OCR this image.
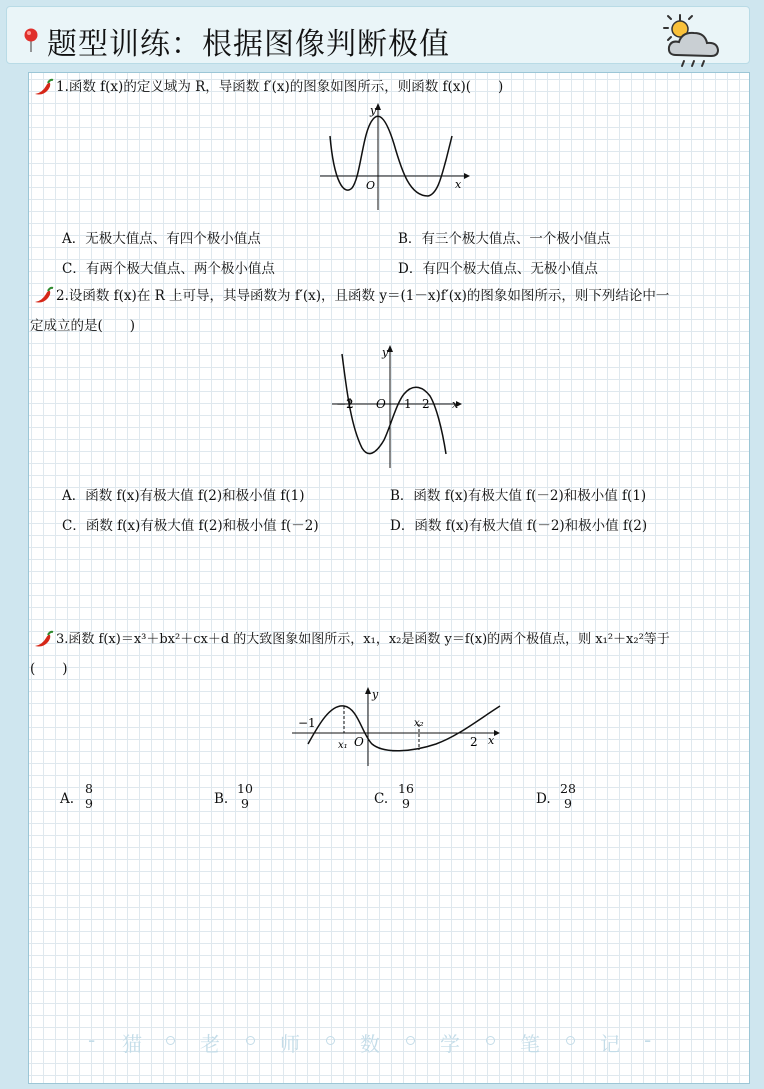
题型训练：根据图像判断极值
1.函数 f(x)的定义域为 R，导函数 f′(x)的图象如图所示，则函数 f(x)(　　)
y
x
O
A．无极大值点、有四个极小值点	B．有三个极大值点、一个极小值点
C．有两个极大值点、两个极小值点	D．有四个极大值点、无极小值点
2.设函数 f(x)在 R 上可导，其导函数为 f′(x)，且函数 y＝(1－x)f′(x)的图象如图所示，则下列结论中一
定成立的是(　　)
y
x
O
−2	1 2
A．函数 f(x)有极大值 f(2)和极小值 f(1)	B．函数 f(x)有极大值 f(－2)和极小值 f(1)
C．函数 f(x)有极大值 f(2)和极小值 f(－2)	D．函数 f(x)有极大值 f(－2)和极小值 f(2)
3.函数 f(x)＝x³＋bx²＋cx＋d 的大致图象如图所示，x₁，x₂是函数 y＝f(x)的两个极值点，则 x₁²＋x₂²等于
(　　)
−1
x₁
x₂
O
y
x
2
A.
8
9	B.
10
9	C.
16
9	D.
28
9
- 猫	老	师	数	学	笔	记 -
